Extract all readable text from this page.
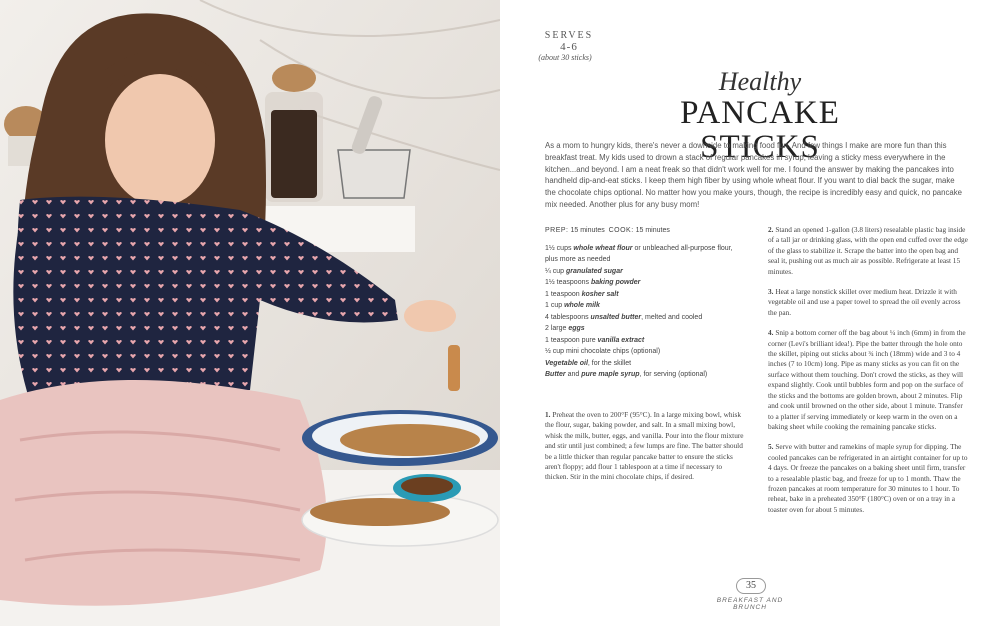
SERVES
4-6
(about 30 sticks)
Healthy
PANCAKE STICKS
As a mom to hungry kids, there's never a downside to making food fun. And few things I make are more fun than this breakfast treat. My kids used to drown a stack of regular pancakes in syrup, leaving a sticky mess everywhere in the kitchen...and beyond. I am a neat freak so that didn't work well for me. I found the answer by making the pancakes into handheld dip-and-eat sticks. I keep them high fiber by using whole wheat flour. If you want to dial back the sugar, make the chocolate chips optional. No matter how you make yours, though, the recipe is incredibly easy and quick, no pancake mix needed. Another plus for any busy mom!
PREP: 15 minutes COOK: 15 minutes
1½ cups whole wheat flour or unbleached all-purpose flour, plus more as needed
¼ cup granulated sugar
1½ teaspoons baking powder
1 teaspoon kosher salt
1 cup whole milk
4 tablespoons unsalted butter, melted and cooled
2 large eggs
1 teaspoon pure vanilla extract
½ cup mini chocolate chips (optional)
Vegetable oil, for the skillet
Butter and pure maple syrup, for serving (optional)
1. Preheat the oven to 200°F (95°C). In a large mixing bowl, whisk the flour, sugar, baking powder, and salt. In a small mixing bowl, whisk the milk, butter, eggs, and vanilla. Pour into the flour mixture and stir until just combined; a few lumps are fine. The batter should be a little thicker than regular pancake batter to ensure the sticks aren't floppy; add flour 1 tablespoon at a time if necessary to thicken. Stir in the mini chocolate chips, if desired.
2. Stand an opened 1-gallon (3.8 liters) resealable plastic bag inside of a tall jar or drinking glass, with the open end cuffed over the edge of the glass to stabilize it. Scrape the batter into the open bag and seal it, pushing out as much air as possible. Refrigerate at least 15 minutes.
3. Heat a large nonstick skillet over medium heat. Drizzle it with vegetable oil and use a paper towel to spread the oil evenly across the pan.
4. Snip a bottom corner off the bag about ¼ inch (6mm) in from the corner (Levi's brilliant idea!). Pipe the batter through the hole onto the skillet, piping out sticks about ¾ inch (18mm) wide and 3 to 4 inches (7 to 10cm) long. Pipe as many sticks as you can fit on the surface without them touching. Don't crowd the sticks, as they will expand slightly. Cook until bubbles form and pop on the surface of the sticks and the bottoms are golden brown, about 2 minutes. Flip and cook until browned on the other side, about 1 minute. Transfer to a platter if serving immediately or keep warm in the oven on a baking sheet while cooking the remaining pancake sticks.
5. Serve with butter and ramekins of maple syrup for dipping. The cooled pancakes can be refrigerated in an airtight container for up to 4 days. Or freeze the pancakes on a baking sheet until firm, transfer to a resealable plastic bag, and freeze for up to 1 month. Thaw the frozen pancakes at room temperature for 30 minutes to 1 hour. To reheat, bake in a preheated 350°F (180°C) oven or on a tray in a toaster oven for about 5 minutes.
35
BREAKFAST AND BRUNCH
